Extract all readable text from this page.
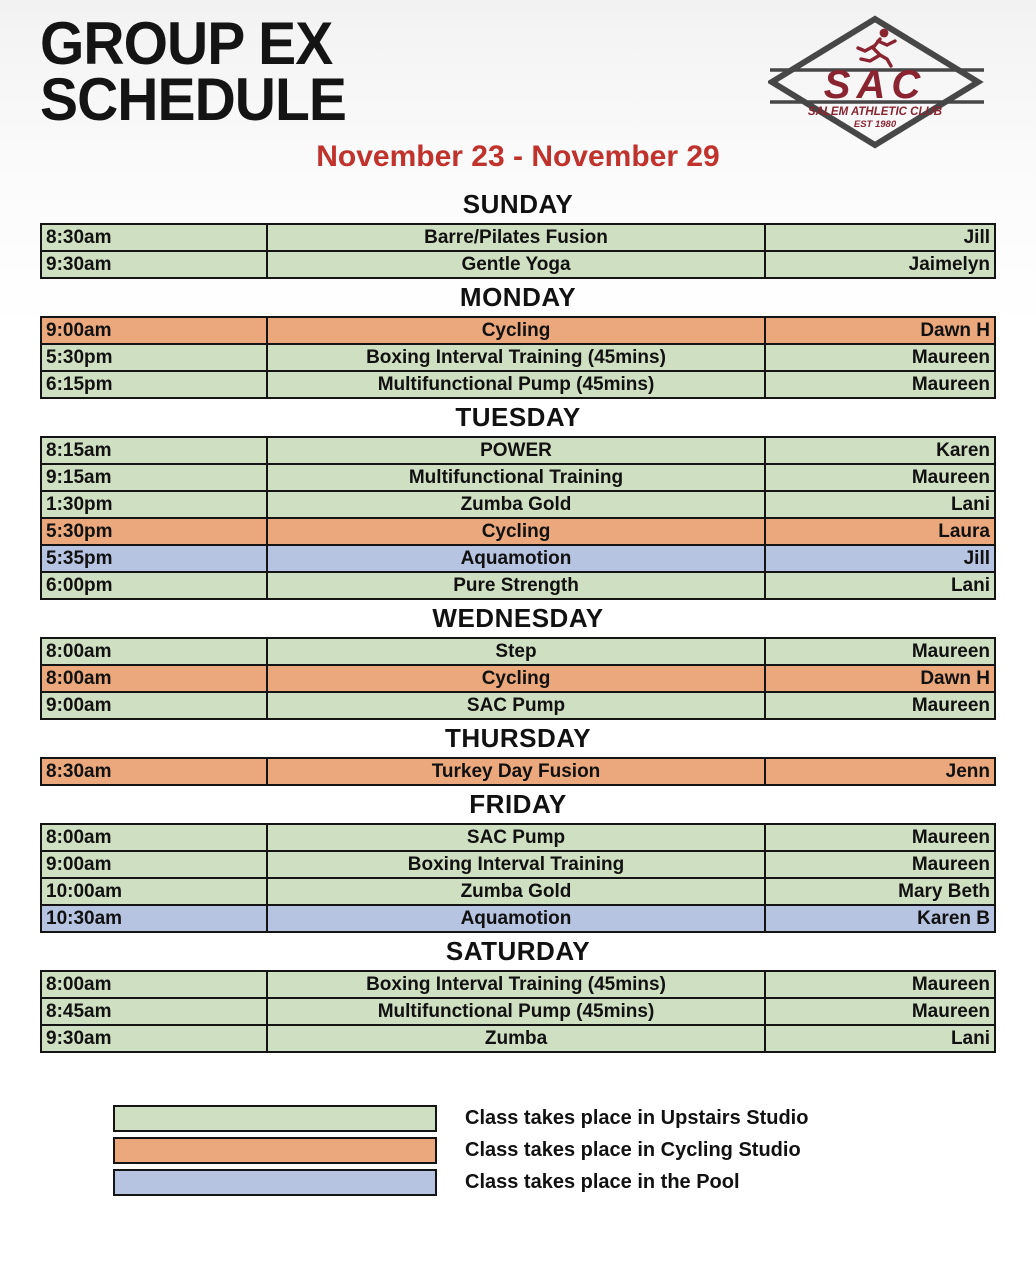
GROUP EX
SCHEDULE	SAC
SALEM ATHLETIC CLUB
EST 1980
November 23 - November 29
SUNDAY
8:30am	Barre/Pilates Fusion	Jill
9:30am	Gentle Yoga	Jaimelyn
MONDAY
9:00am	Cycling	Dawn H
5:30pm	Boxing Interval Training (45mins)	Maureen
6:15pm	Multifunctional Pump (45mins)	Maureen
TUESDAY
8:15am	POWER	Karen
9:15am	Multifunctional Training	Maureen
1:30pm	Zumba Gold	Lani
5:30pm	Cycling	Laura
5:35pm	Aquamotion	Jill
6:00pm	Pure Strength	Lani
WEDNESDAY
8:00am	Step	Maureen
8:00am	Cycling	Dawn H
9:00am	SAC Pump	Maureen
THURSDAY
8:30am	Turkey Day Fusion	Jenn
FRIDAY
8:00am	SAC Pump	Maureen
9:00am	Boxing Interval Training	Maureen
10:00am	Zumba Gold	Mary Beth
10:30am	Aquamotion	Karen B
SATURDAY
8:00am	Boxing Interval Training (45mins)	Maureen
8:45am	Multifunctional Pump (45mins)	Maureen
9:30am	Zumba	Lani
Class takes place in Upstairs Studio
Class takes place in Cycling Studio
Class takes place in the Pool
